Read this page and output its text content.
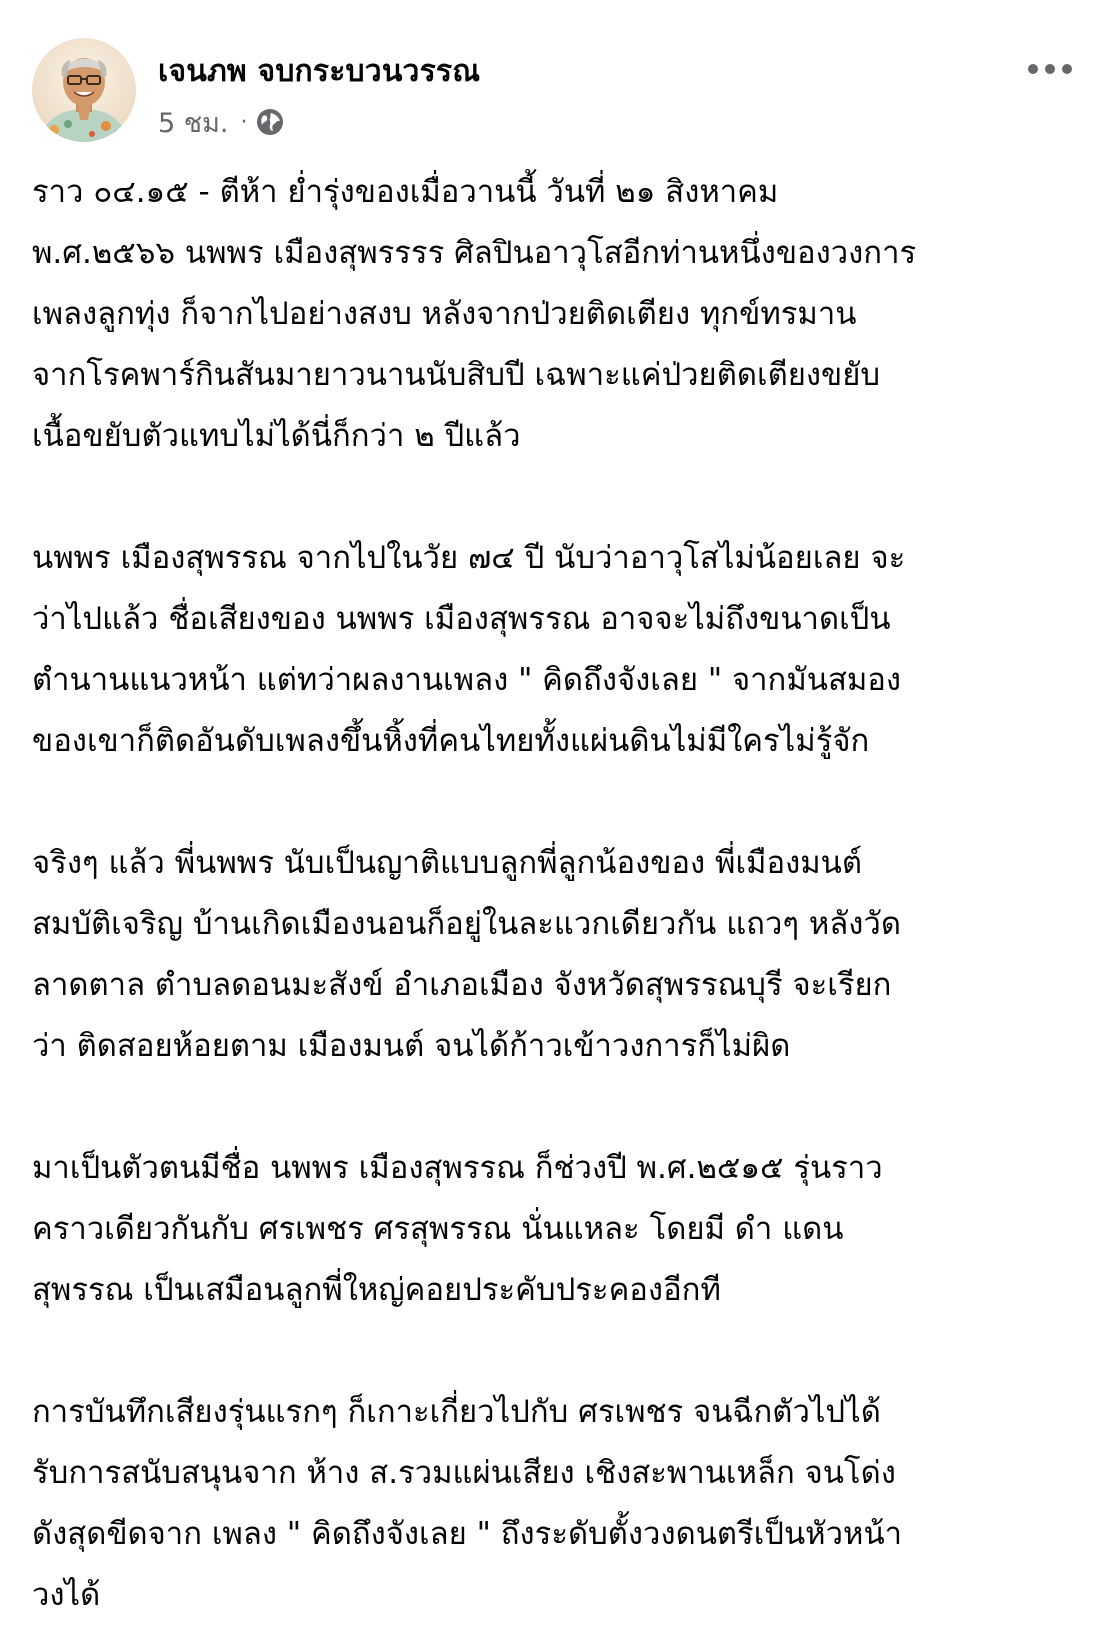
เจนภพ จบกระบวนวรรณ
5 ชม. ·
ราว ๐๔.๑๕ - ตีห้า ย่ำรุ่งของเมื่อวานนี้ วันที่ ๒๑ สิงหาคม
พ.ศ.๒๕๖๖ นพพร เมืองสุพรรรร ศิลปินอาวุโสอีกท่านหนึ่งของวงการ
เพลงลูกทุ่ง ก็จากไปอย่างสงบ หลังจากป่วยติดเตียง ทุกข์ทรมาน
จากโรคพาร์กินสันมายาวนานนับสิบปี เฉพาะแค่ป่วยติดเตียงขยับ
เนื้อขยับตัวแทบไม่ได้นี่ก็กว่า ๒ ปีแล้ว
นพพร เมืองสุพรรณ จากไปในวัย ๗๔ ปี นับว่าอาวุโสไม่น้อยเลย จะ
ว่าไปแล้ว ชื่อเสียงของ นพพร เมืองสุพรรณ อาจจะไม่ถึงขนาดเป็น
ตำนานแนวหน้า แต่ทว่าผลงานเพลง " คิดถึงจังเลย " จากมันสมอง
ของเขาก็ติดอันดับเพลงขึ้นหิ้งที่คนไทยทั้งแผ่นดินไม่มีใครไม่รู้จัก
จริงๆ แล้ว พี่นพพร นับเป็นญาติแบบลูกพี่ลูกน้องของ พี่เมืองมนต์
สมบัติเจริญ บ้านเกิดเมืองนอนก็อยู่ในละแวกเดียวกัน แถวๆ หลังวัด
ลาดตาล ตำบลดอนมะสังข์ อำเภอเมือง จังหวัดสุพรรณบุรี จะเรียก
ว่า ติดสอยห้อยตาม เมืองมนต์ จนได้ก้าวเข้าวงการก็ไม่ผิด
มาเป็นตัวตนมีชื่อ นพพร เมืองสุพรรณ ก็ช่วงปี พ.ศ.๒๕๑๕ รุ่นราว
คราวเดียวกันกับ ศรเพชร ศรสุพรรณ นั่นแหละ โดยมี ดำ แดน
สุพรรณ เป็นเสมือนลูกพี่ใหญ่คอยประคับประคองอีกที
การบันทึกเสียงรุ่นแรกๆ ก็เกาะเกี่ยวไปกับ ศรเพชร จนฉีกตัวไปได้
รับการสนับสนุนจาก ห้าง ส.รวมแผ่นเสียง เชิงสะพานเหล็ก จนโด่ง
ดังสุดขีดจาก เพลง " คิดถึงจังเลย " ถึงระดับตั้งวงดนตรีเป็นหัวหน้า
วงได้
